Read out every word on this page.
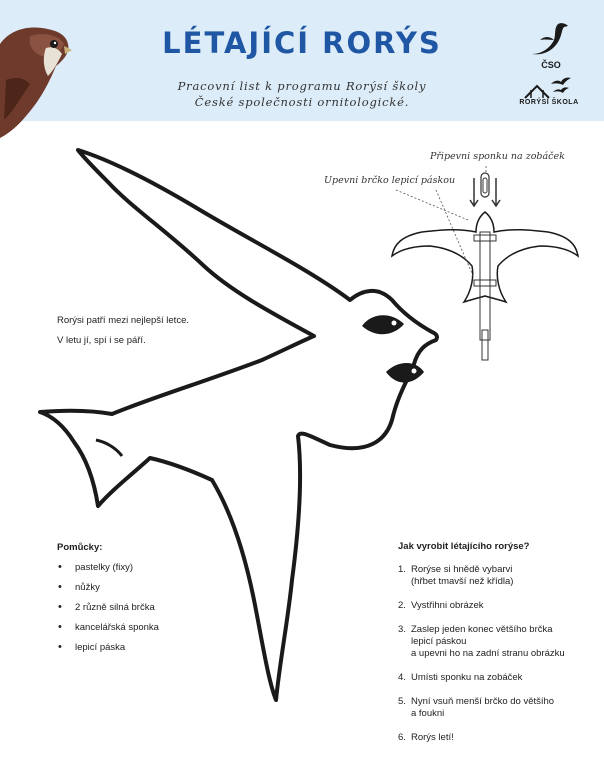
LÉTAJÍCÍ RORÝS
Pracovní list k programu Rorýsí školy
České společnosti ornitologické.
ČSO
RORÝSÍ ŠKOLA
Rorýsi patří mezi nejlepší letce.
V letu jí, spí i se páří.
Připevni sponku na zobáček
Upevni brčko lepicí páskou
Pomůcky:
• pastelky (fixy)
• nůžky
• 2 různě silná brčka
• kancelářská sponka
• lepicí páska
Jak vyrobit létajícího rorýse?
1. Rorýse si hnědě vybarvi
(hřbet tmavší než křídla)
2. Vystřihni obrázek
3. Zaslep jeden konec většího brčka
lepicí páskou
a upevni ho na zadní stranu obrázku
4. Umísti sponku na zobáček
5. Nyní vsuň menší brčko do většího
a foukni
6. Rorýs letí!
